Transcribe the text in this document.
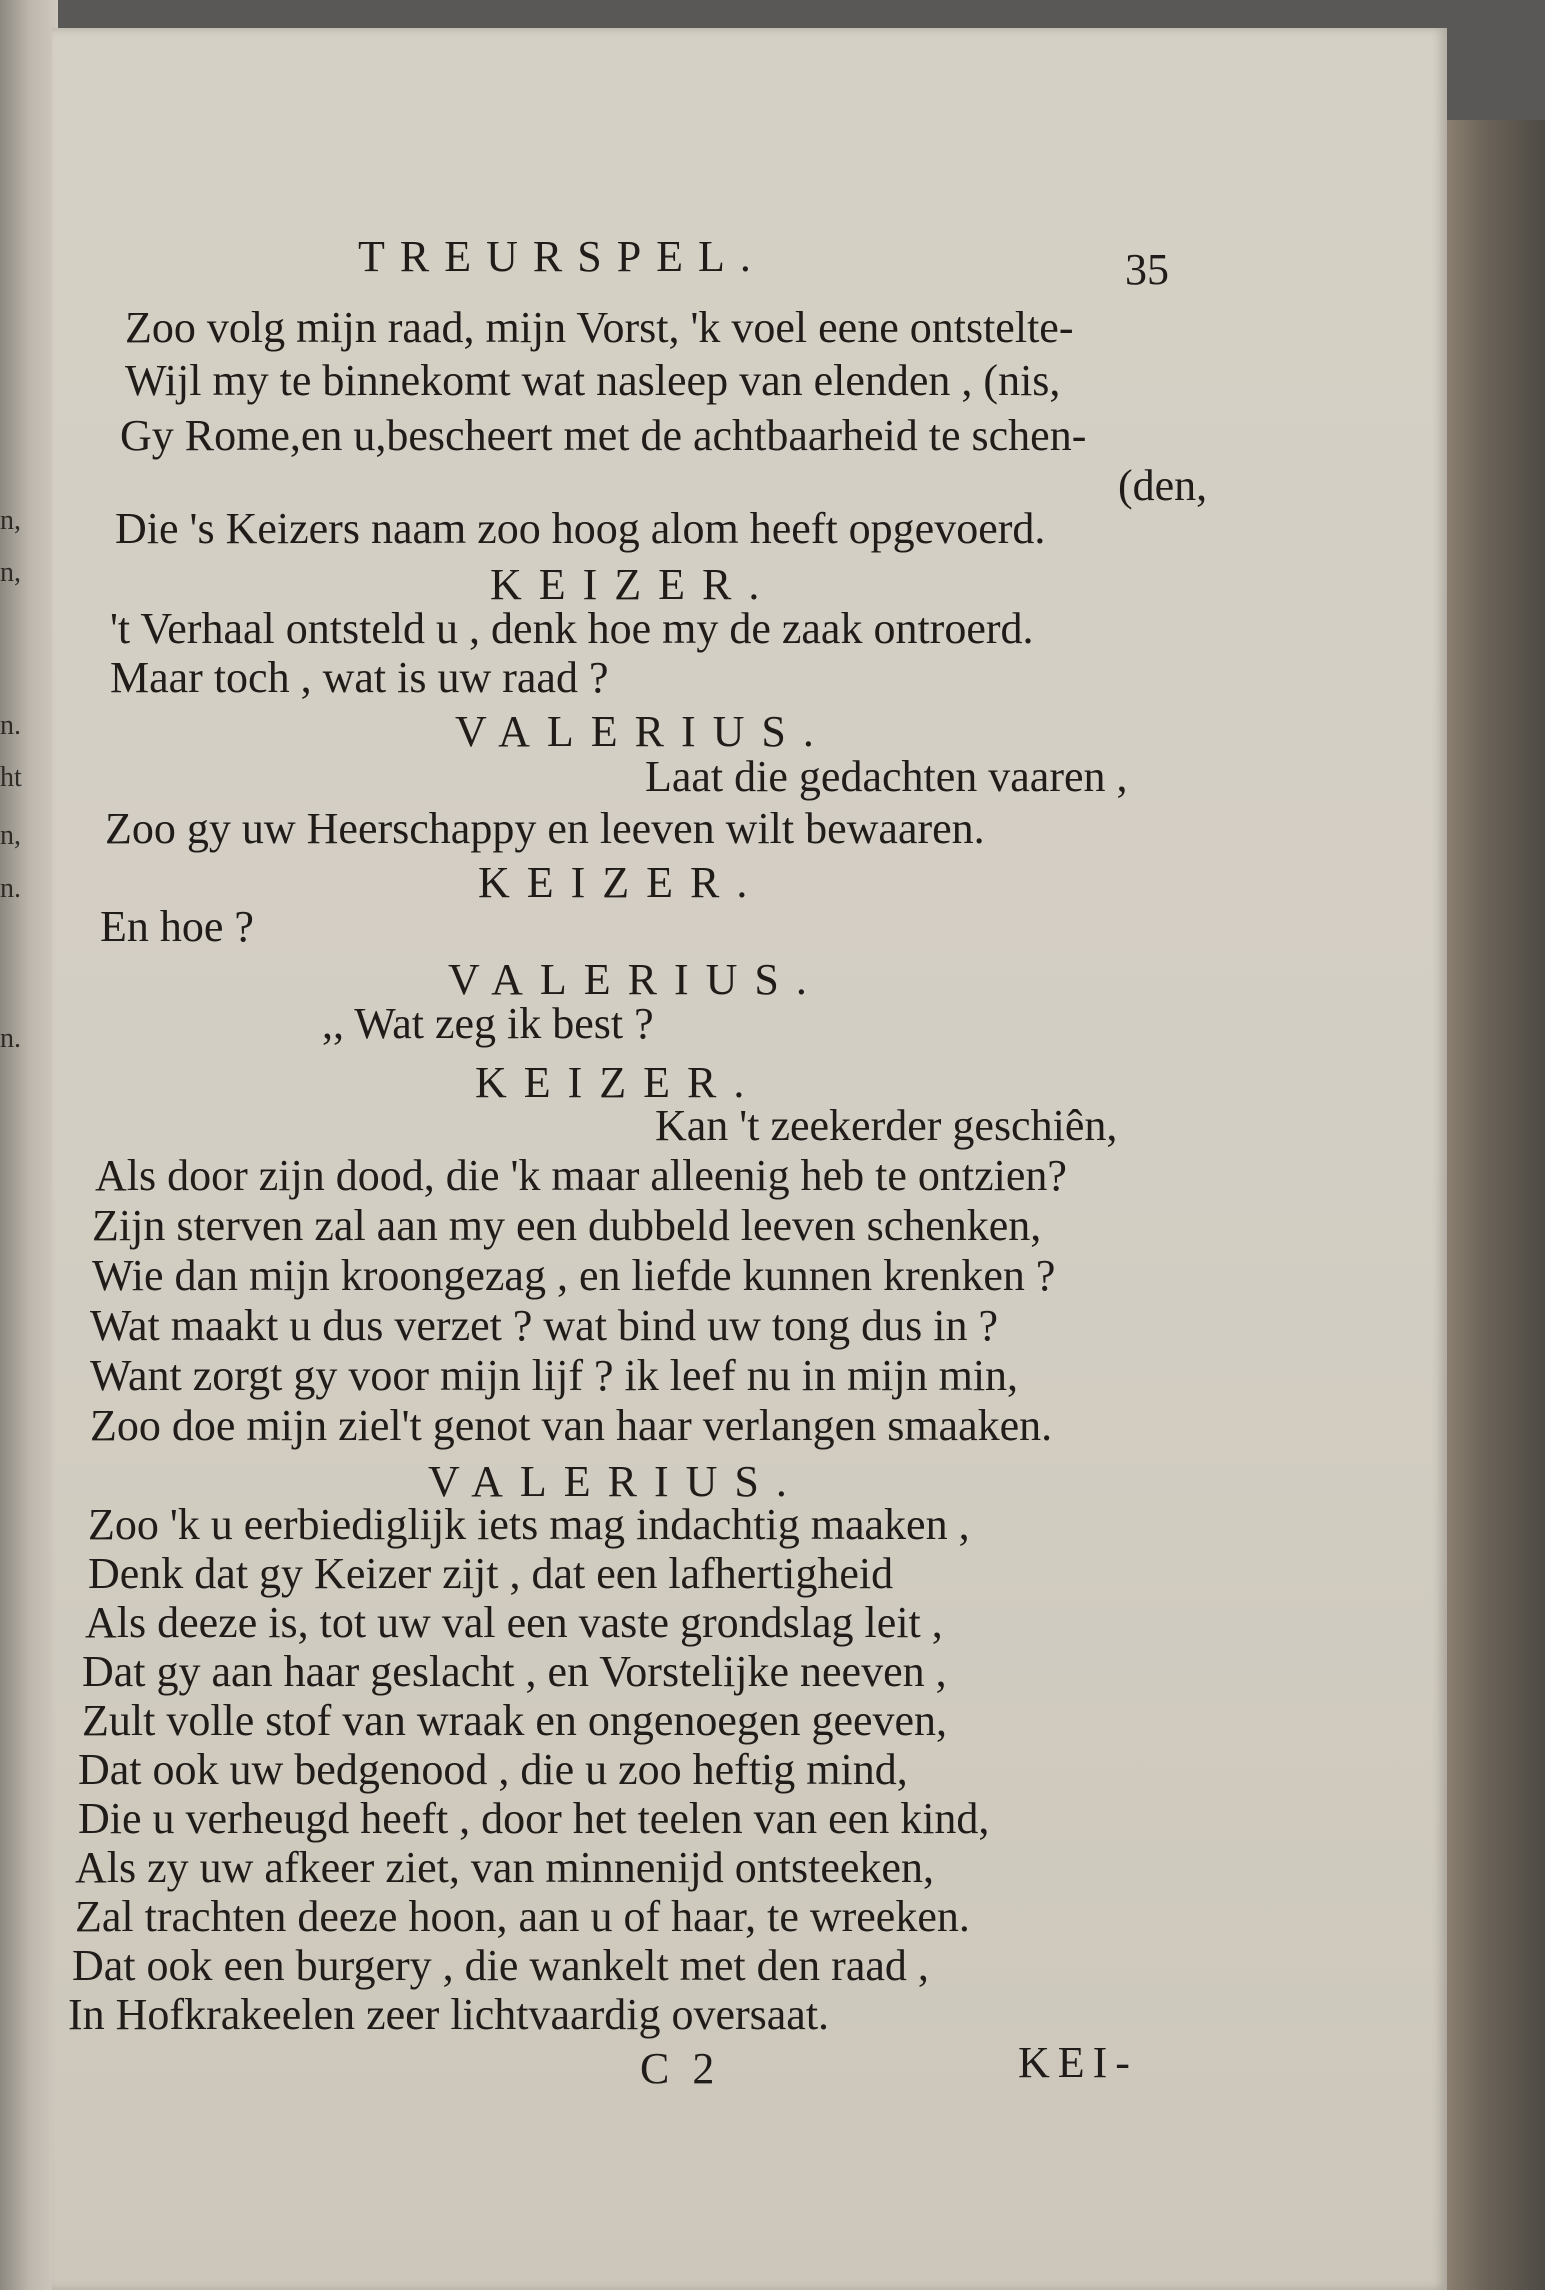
n,
n,
n.
ht
n,
n.
n.
TREURSPEL.	35
Zoo volg mijn raad, mijn Vorst, 'k voel eene ontstelte-
Wijl my te binnekomt wat nasleep van elenden , (nis,
Gy Rome,en u,bescheert met de achtbaarheid te schen-
(den,
Die 's Keizers naam zoo hoog alom heeft opgevoerd.
KEIZER.
't Verhaal ontsteld u , denk hoe my de zaak ontroerd.
Maar toch , wat is uw raad ?
VALERIUS.
Laat die gedachten vaaren ,
Zoo gy uw Heerschappy en leeven wilt bewaaren.
KEIZER.
En hoe ?
VALERIUS.
,, Wat zeg ik best ?
KEIZER.
Kan 't zeekerder geschiên,
Als door zijn dood, die 'k maar alleenig heb te ontzien?
Zijn sterven zal aan my een dubbeld leeven schenken,
Wie dan mijn kroongezag , en liefde kunnen krenken ?
Wat maakt u dus verzet ? wat bind uw tong dus in ?
Want zorgt gy voor mijn lijf ? ik leef nu in mijn min,
Zoo doe mijn ziel't genot van haar verlangen smaaken.
VALERIUS.
Zoo 'k u eerbiediglijk iets mag indachtig maaken ,
Denk dat gy Keizer zijt , dat een lafhertigheid
Als deeze is, tot uw val een vaste grondslag leit ,
Dat gy aan haar geslacht , en Vorstelijke neeven ,
Zult volle stof van wraak en ongenoegen geeven,
Dat ook uw bedgenood , die u zoo heftig mind,
Die u verheugd heeft , door het teelen van een kind,
Als zy uw afkeer ziet, van minnenijd ontsteeken,
Zal trachten deeze hoon, aan u of haar, te wreeken.
Dat ook een burgery , die wankelt met den raad ,
In Hofkrakeelen zeer lichtvaardig oversaat.
C 2	KEI-
